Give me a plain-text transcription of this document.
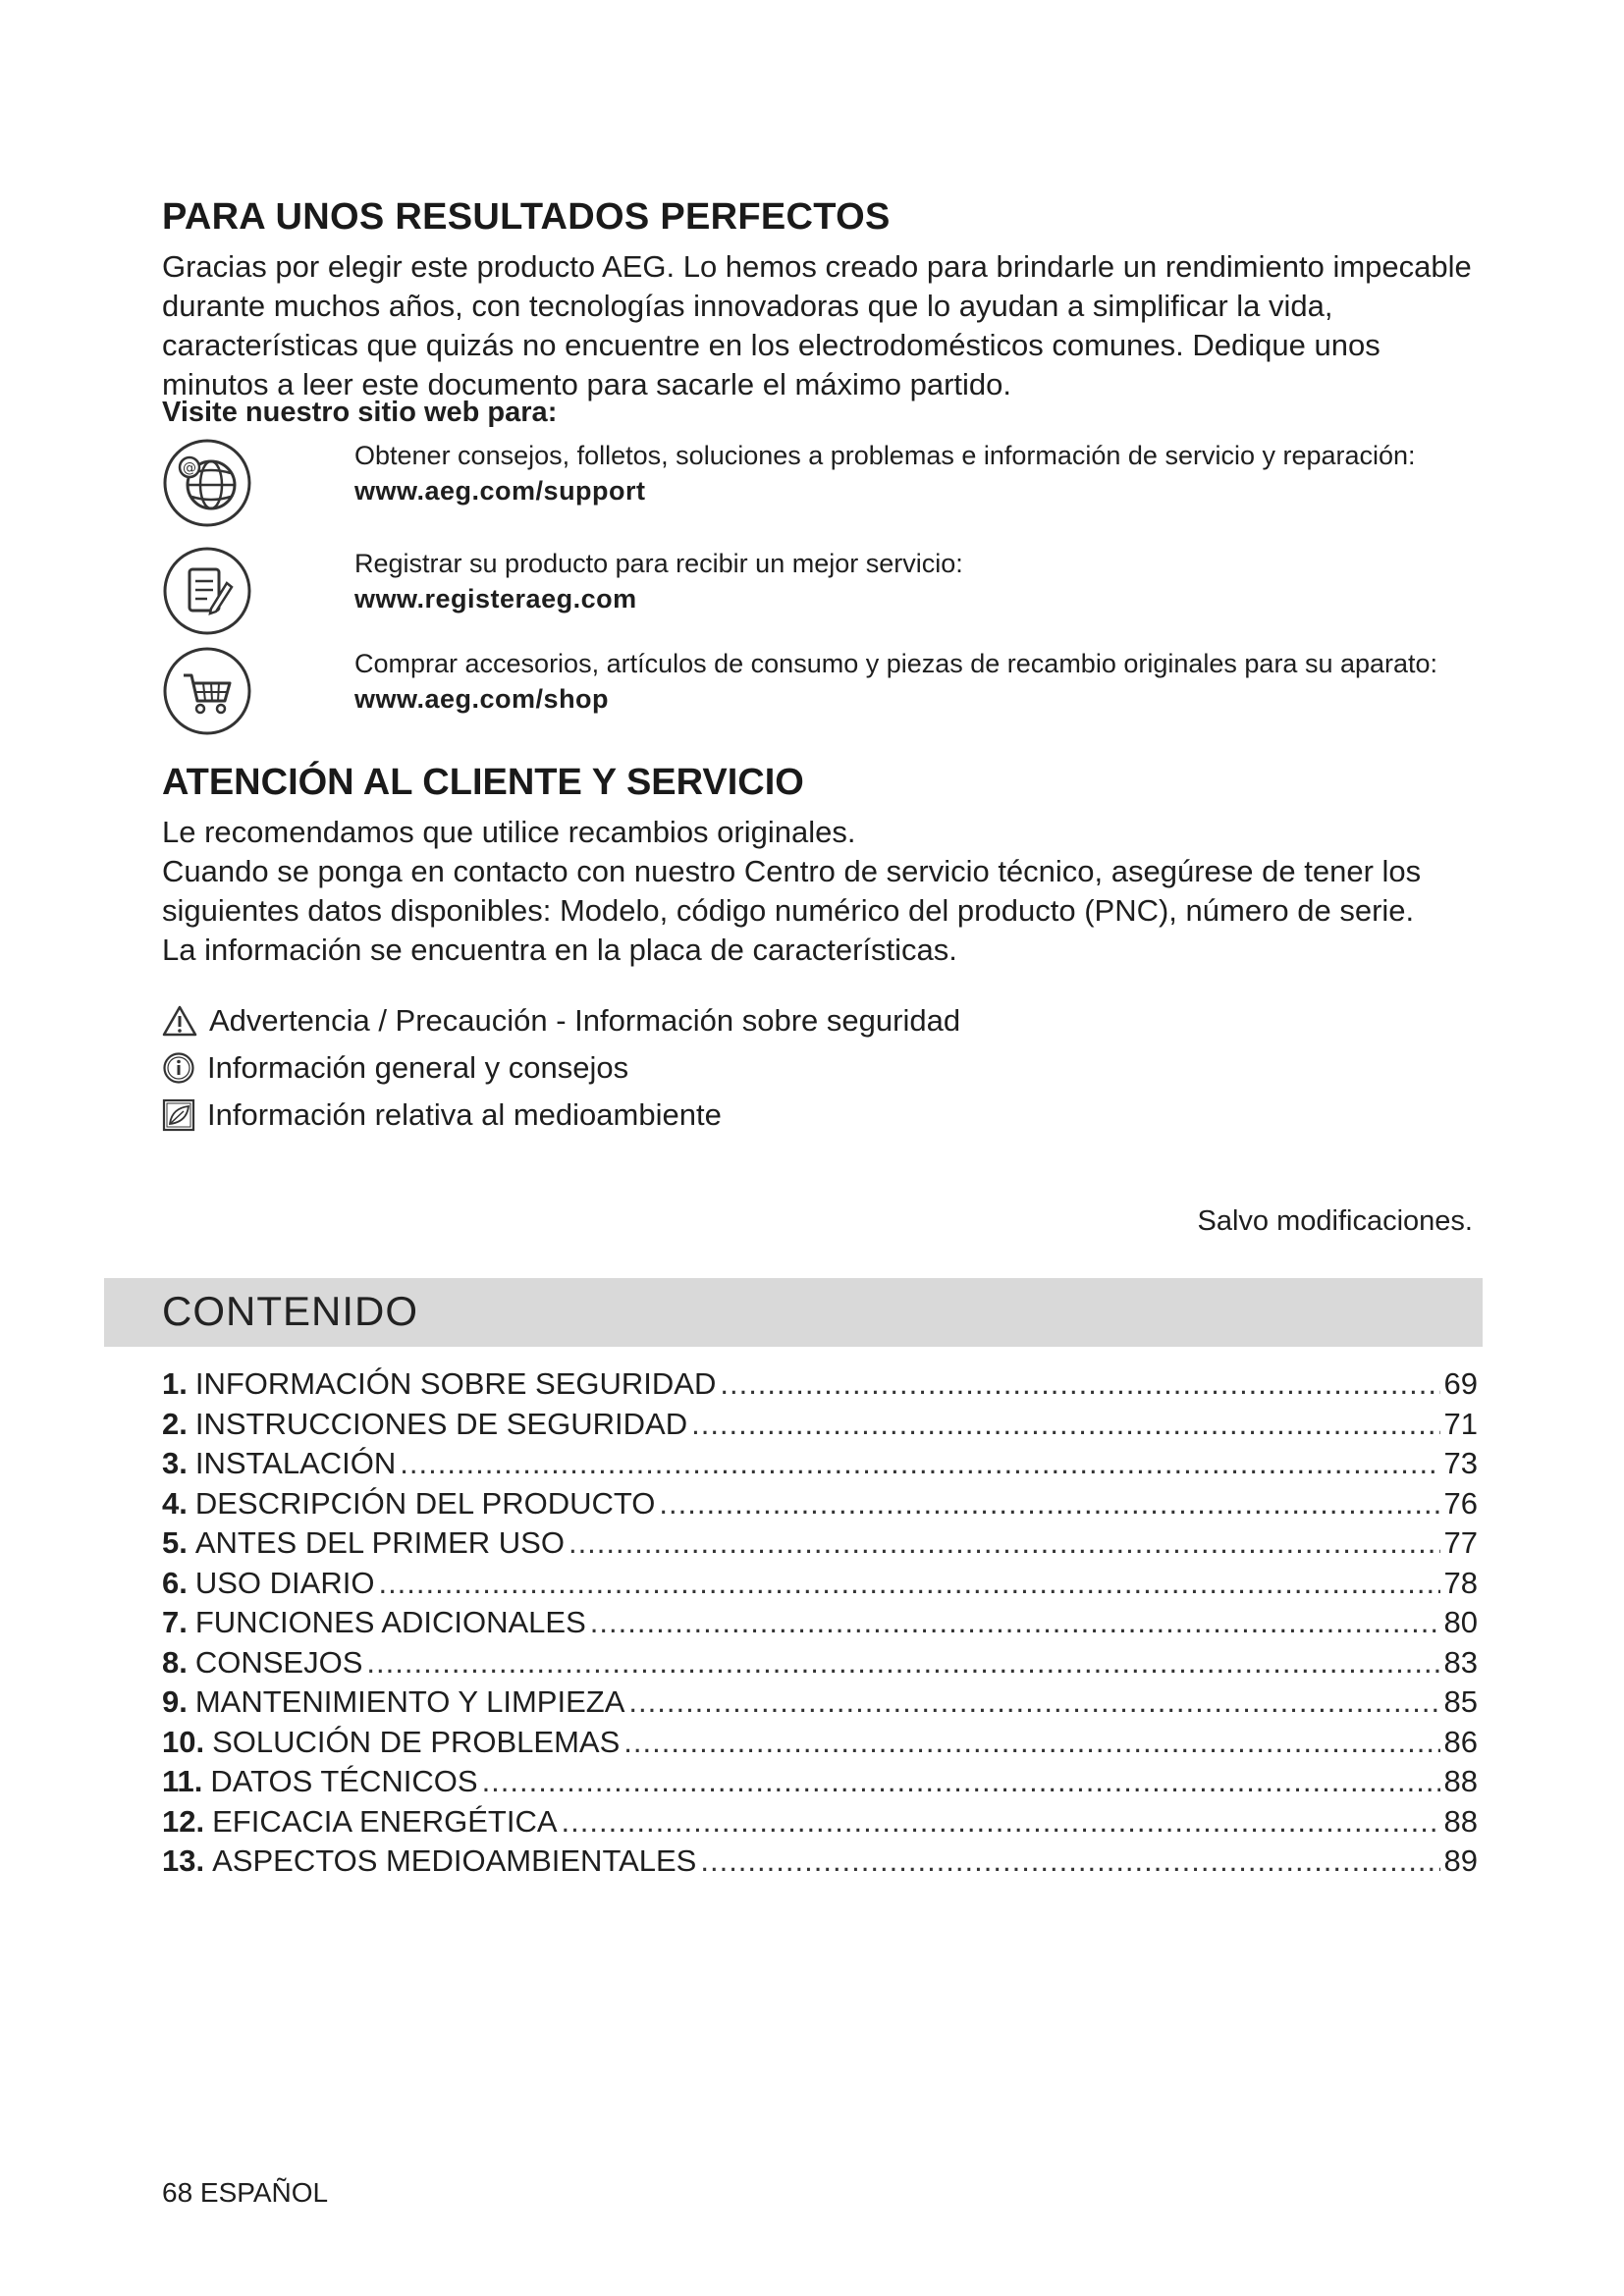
PARA UNOS RESULTADOS PERFECTOS

Gracias por elegir este producto AEG. Lo hemos creado para brindarle un rendimiento impecable durante muchos años, con tecnologías innovadoras que lo ayudan a simplificar la vida, características que quizás no encuentre en los electrodomésticos comunes. Dedique unos minutos a leer este documento para sacarle el máximo partido.

Visite nuestro sitio web para:

@	Obtener consejos, folletos, soluciones a problemas e información de servicio y reparación:
www.aeg.com/support
Registrar su producto para recibir un mejor servicio:
www.registeraeg.com
Comprar accesorios, artículos de consumo y piezas de recambio originales para su aparato:
www.aeg.com/shop
ATENCIÓN AL CLIENTE Y SERVICIO

Le recomendamos que utilice recambios originales.
Cuando se ponga en contacto con nuestro Centro de servicio técnico, asegúrese de tener los siguientes datos disponibles: Modelo, código numérico del producto (PNC), número de serie.
La información se encuentra en la placa de características.

Advertencia / Precaución - Información sobre seguridad
Información general y consejos
Información relativa al medioambiente
Salvo modificaciones.
CONTENIDO
1. INFORMACIÓN SOBRE SEGURIDAD .....	69
2. INSTRUCCIONES DE SEGURIDAD .....	71
3. INSTALACIÓN .....	73
4. DESCRIPCIÓN DEL PRODUCTO .....	76
5. ANTES DEL PRIMER USO .....	77
6. USO DIARIO .....	78
7. FUNCIONES ADICIONALES .....	80
8. CONSEJOS .....	83
9. MANTENIMIENTO Y LIMPIEZA .....	85
10. SOLUCIÓN DE PROBLEMAS .....	86
11. DATOS TÉCNICOS .....	88
12. EFICACIA ENERGÉTICA .....	88
13. ASPECTOS MEDIOAMBIENTALES .....	89
68 ESPAÑOL
